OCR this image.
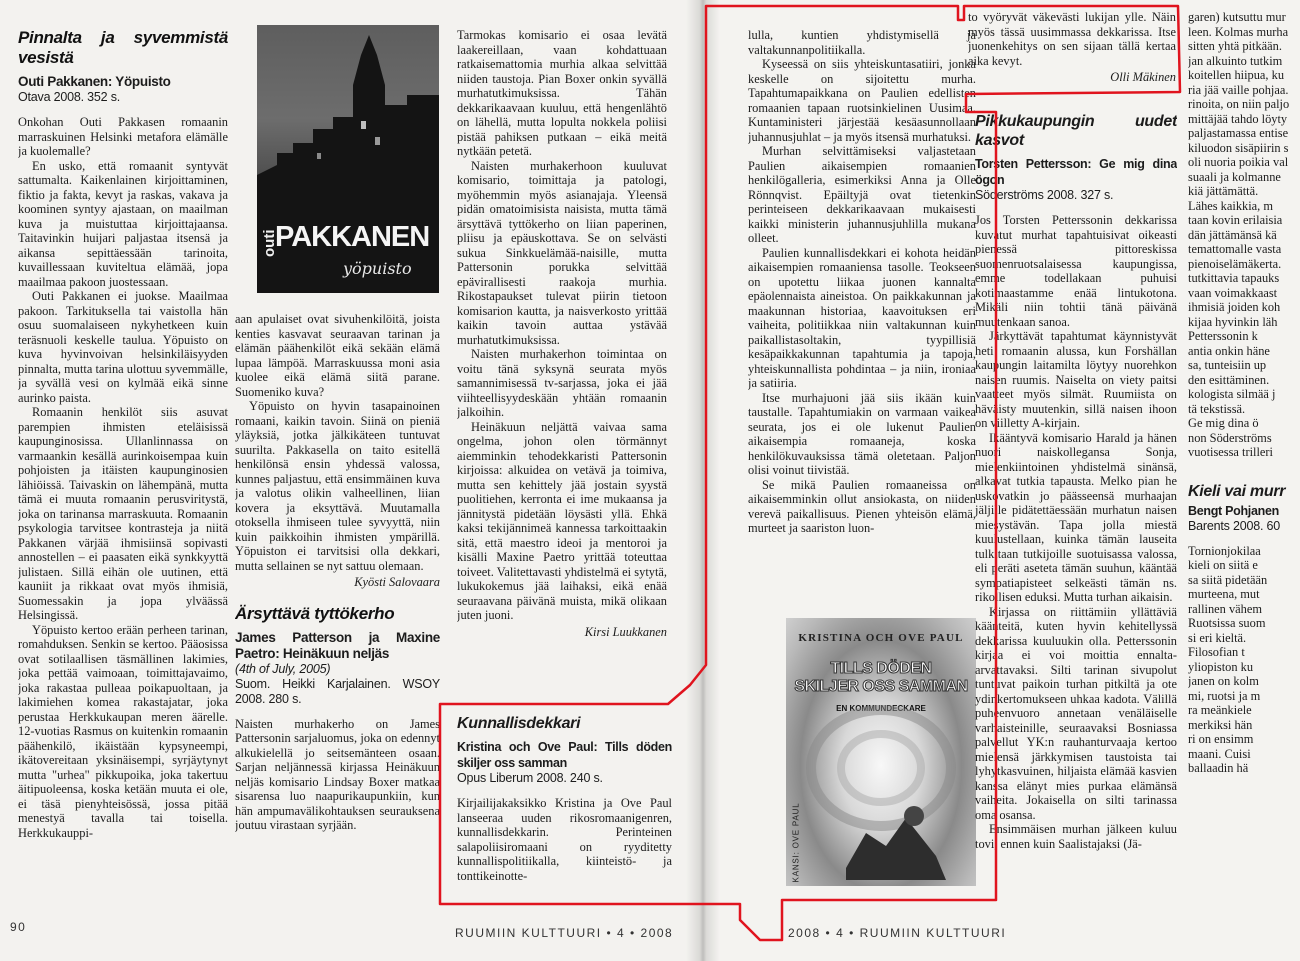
Pinnalta ja syvemmistä vesistä
Outi Pakkanen: Yöpuisto
Otava 2008. 352 s.

Onkohan Outi Pakkasen romaanin marraskuinen Helsinki metafora elämälle ja kuolemalle?

En usko, että romaanit syntyvät sattumalta. Kaikenlainen kirjoittaminen, fiktio ja fakta, kevyt ja raskas, vakava ja koominen syntyy ajastaan, on maailman kuva ja muistuttaa kirjoittajaansa. Taitavinkin huijari paljastaa itsensä ja aikansa sepittäessään tarinoita, kuvaillessaan kuviteltua elämää, jopa maailmaa pakoon juostessaan.

Outi Pakkanen ei juokse. Maailmaa pakoon. Tarkituksella tai vaistolla hän osuu suomalaiseen nykyhetkeen kuin teräsnuoli keskelle taulua. Yöpuisto on kuva hyvinvoivan helsinkiläisyyden pinnalta, mutta tarina ulottuu syvemmälle, ja syvällä vesi on kylmää eikä sinne aurinko paista.

Romaanin henkilöt siis asuvat parempien ihmisten eteläisissä kaupunginosissa. Ullanlinnassa on varmaankin kesällä aurinkoisempaa kuin pohjoisten ja itäisten kaupunginosien lähiöissä. Taivaskin on lähempänä, mutta tämä ei muuta romaanin perusviritystä, joka on tarinansa marraskuuta. Romaanin psykologia tarvitsee kontrasteja ja niitä Pakkanen värjää ihmisiinsä sopivasti annostellen – ei paasaten eikä synkkyyttä julistaen. Sillä eihän ole uutinen, että kauniit ja rikkaat ovat myös ihmisiä, Suomessakin ja jopa ylväässä Helsingissä.

Yöpuisto kertoo erään perheen tarinan, romahduksen. Senkin se kertoo. Pääosissa ovat sotilaallisen täsmällinen lakimies, joka pettää vaimoaan, toimittajavaimo, joka rakastaa pulleaa poikapuoltaan, ja lakimiehen komea rakastajatar, joka perustaa Herkkukaupan meren äärelle. 12-vuotias Rasmus on kuitenkin romaanin päähenkilö, ikäistään kypsyneempi, ikätovereitaan yksinäisempi, syrjäytynyt mutta "urhea" pikkupoika, joka takertuu äitipuoleensa, koska ketään muuta ei ole, ei täsä pienyhteisössä, jossa pitää menestyä tavalla tai toisella. Herkkukauppi-

PAKKANEN
outi
yöpuisto

aan apulaiset ovat sivuhenkilöitä, joista kenties kasvavat seuraavan tarinan ja elämän päähenkilöt eikä sekään elämä lupaa lämpöä. Marraskuussa moni asia kuolee eikä elämä siitä parane. Suomeniko kuva?

Yöpuisto on hyvin tasapainoinen romaani, kaikin tavoin. Siinä on pieniä yläyksiä, jotka jälkikäteen tuntuvat suurilta. Pakkasella on taito esitellä henkilönsä ensin yhdessä valossa, kunnes paljastuu, että ensimmäinen kuva ja valotus olikin valheellinen, liian kovera ja eksyttävä. Muutamalla otoksella ihmiseen tulee syvyyttä, niin kuin paikkoihin ihmisten ympärillä. Yöpuiston ei tarvitsisi olla dekkari, mutta sellainen se nyt sattuu olemaan.

Kyösti Salovaara
Ärsyttävä tyttökerho
James Patterson ja Maxine Paetro: Heinäkuun neljäs
(4th of July, 2005)
Suom. Heikki Karjalainen. WSOY 2008. 280 s.

Naisten murhakerho on James Pattersonin sarjaluomus, joka on edennyt alkukielellä jo seitsemänteen osaan. Sarjan neljännessä kirjassa Heinäkuun neljäs komisario Lindsay Boxer matkaa sisarensa luo naapurikaupunkiin, kun hän ampumavälikohtauksen seurauksena joutuu virastaan syrjään.

Tarmokas komisario ei osaa levätä laakereillaan, vaan kohdattuaan ratkaisemattomia murhia alkaa selvittää niiden taustoja. Pian Boxer onkin syvällä murhatutkimuksissa. Tähän dekkarikaavaan kuuluu, että hengenlähtö on lähellä, mutta lopulta nokkela poliisi pistää pahiksen putkaan – eikä meitä nytkään petetä.

Naisten murhakerhoon kuuluvat komisario, toimittaja ja patologi, myöhemmin myös asianajaja. Yleensä pidän omatoimisista naisista, mutta tämä ärsyttävä tyttökerho on liian paperinen, pliisu ja epäuskottava. Se on selvästi sukua Sinkkuelämää-naisille, mutta Pattersonin porukka selvittää epävirallisesti raakoja murhia. Rikostapaukset tulevat piirin tietoon komisarion kautta, ja naisverkosto yrittää kaikin tavoin auttaa ystävää murhatutkimuksissa.

Naisten murhakerhon toimintaa on voitu tänä syksynä seurata myös samannimisessä tv-sarjassa, joka ei jää viihteellisyydeskään yhtään romaanin jalkoihin.

Heinäkuun neljättä vaivaa sama ongelma, johon olen törmännyt aiemminkin tehodekkaristi Pattersonin kirjoissa: alkuidea on vetävä ja toimiva, mutta sen kehittely jää jostain syystä puolitiehen, kerronta ei ime mukaansa ja jännitystä pidetään löysästi yllä. Ehkä kaksi tekijännimeä kannessa tarkoittaakin sitä, että maestro ideoi ja mentoroi ja kisälli Maxine Paetro yrittää toteuttaa toiveet. Valitettavasti yhdistelmä ei sytytä, lukukokemus jää laihaksi, eikä enää seuraavana päivänä muista, mikä olikaan juten juoni.

Kirsi Luukkanen
Kunnallisdekkari
Kristina och Ove Paul: Tills döden skiljer oss samman
Opus Liberum 2008. 240 s.

Kirjailijakaksikko Kristina ja Ove Paul lanseeraa uuden rikosromaanigenren, kunnallisdekkarin. Perinteinen salapoliisiromaani on ryyditetty kunnallispolitiikalla, kiinteistö- ja tonttikeinotte-

lulla, kuntien yhdistymisellä ja valtakunnanpolitiikalla.

Kyseessä on siis yhteiskuntasatiiri, jonka keskelle on sijoitettu murha. Tapahtumapaikkana on Paulien edellisten romaanien tapaan ruotsinkielinen Uusimaa. Kuntaministeri järjestää kesäasunnollaan juhannusjuhlat – ja myös itsensä murhatuksi.

Murhan selvittämiseksi valjastetaan Paulien aikaisempien romaanien henkilögalleria, esimerkiksi Anna ja Olle Rönnqvist. Epäiltyjä ovat tietenkin perinteiseen dekkarikaavaan mukaisesti kaikki ministerin juhannusjuhlilla mukana olleet.

Paulien kunnallisdekkari ei kohota heidän aikaisempien romaaniensa tasolle. Teokseen on upotettu liikaa juonen kannalta epäolennaista aineistoa. On paikkakunnan ja maakunnan historiaa, kaavoituksen eri vaiheita, politiikkaa niin valtakunnan kuin paikallistasoltakin, tyypillisiä kesäpaikkakunnan tapahtumia ja tapoja, yhteiskunnallista pohdintaa – ja niin, ironiaa ja satiiria.

Itse murhajuoni jää siis ikään kuin taustalle. Tapahtumiakin on varmaan vaikea seurata, jos ei ole lukenut Paulien aikaisempia romaaneja, koska henkilökuvauksissa tämä oletetaan. Paljon olisi voinut tiivistää.

Se mikä Paulien romaaneissa on aikaisemminkin ollut ansiokasta, on niiden verevä paikallisuus. Pienen yhteisön elämä, murteet ja saariston luon-

KRISTINA OCH OVE PAUL
TILLS DÖDEN
SKILJER OSS SAMMAN
EN KOMMUNDECKARE
KANSI: OVE PAUL

to vyöryvät väkevästi lukijan ylle. Näin myös tässä uusimmassa dekkarissa. Itse juonenkehitys on sen sijaan tällä kertaa aika kevyt.

Olli Mäkinen
Pikkukaupungin uudet kasvot
Torsten Pettersson: Ge mig dina ögon
Söderströms 2008. 327 s.

Jos Torsten Petterssonin dekkarissa kuvatut murhat tapahtuisivat oikeasti pienessä pittoreskissa suomenruotsalaisessa kaupungissa, emme todellakaan puhuisi kotimaastamme enää lintukotona. Mikäli niin tohtii tänä päivänä muutenkaan sanoa.

Järkyttävät tapahtumat käynnistyvät heti romaanin alussa, kun Forshällan kaupungin laitamilta löytyy nuorehkon naisen ruumis. Naiselta on viety paitsi vaatteet myös silmät. Ruumiista on häväisty muutenkin, sillä naisen ihoon on viilletty A-kirjain.

Ikääntyvä komisario Harald ja hänen nuori naiskollegansa Sonja, mielenkiintoinen yhdistelmä sinänsä, alkavat tutkia tapausta. Melko pian he uskovatkin jo päässeensä murhaajan jäljille pidätettäessään murhatun naisen miesystävän. Tapa jolla miestä kuulustellaan, kuinka tämän lauseita tulkitaan tutkijoille suotuisassa valossa, eli peräti aseteta tämän suuhun, kääntää sympatiapisteet selkeästi tämän ns. rikollisen eduksi. Mutta turhan aikaisin.

Kirjassa on riittämiin yllättäviä käänteitä, kuten hyvin kehitellyssä dekkarissa kuuluukin olla. Petterssonin kirjaa ei voi moittia ennalta-arvattavaksi. Silti tarinan sivupolut tuntuvat paikoin turhan pitkiltä ja ote ydinkertomukseen uhkaa kadota. Välillä puheenvuoro annetaan venäläiselle varhaisteinille, seuraavaksi Bosniassa palvellut YK:n rauhanturvaaja kertoo mielensä järkkymisen taustoista tai lyhytkasvuinen, hiljaista elämää kasvien kanssa elänyt mies purkaa elämänsä vaiheita. Jokaisella on silti tarinassa oma osansa.

Ensimmäisen murhan jälkeen kuluu tovi, ennen kuin Saalistajaksi (Jä-

garen) kutsuttu mur
leen. Kolmas murha
sitten yhtä pitkään.
jan alkuinto tutkim
koitellen hiipua, ku
ria jää vaille pohjaa.
rinoita, on niin paljo
mittäjää tahdo löyty
paljastamassa entise
kiluodon sisäpiirin s
oli nuoria poikia val
suaali ja kolmanne
kiä jättämättä.
Lähes kaikkia, m
taan kovin erilaisia
dän jättämänsä kä
temattomalle vasta
pienoiselämäkerta.
tutkittavia tapauks
vaan voimakkaast
ihmisiä joiden koh
kijaa hyvinkin läh
Petterssonin k
antia onkin häne
sa, tunteisiin up
den esittäminen.
kologista silmää j
tä tekstissä.
Ge mig dina ö
non Söderströms
vuotisessa trilleri
Kieli vai murr
Bengt Pohjanen
Barents 2008. 60
Tornionjokilaa
kieli on siitä e
sa siitä pidetään
murteena, mut
rallinen vähem
Ruotsissa suom
si eri kieltä.
Filosofian t
yliopiston ku
janen on kolm
mi, ruotsi ja m
ra meänkiele
merkiksi hän
ri on ensimm
maani. Cuisi
ballaadin hä
90	RUUMIIN KULTTUURI • 4 • 2008	2008 • 4 • RUUMIIN KULTTUURI
